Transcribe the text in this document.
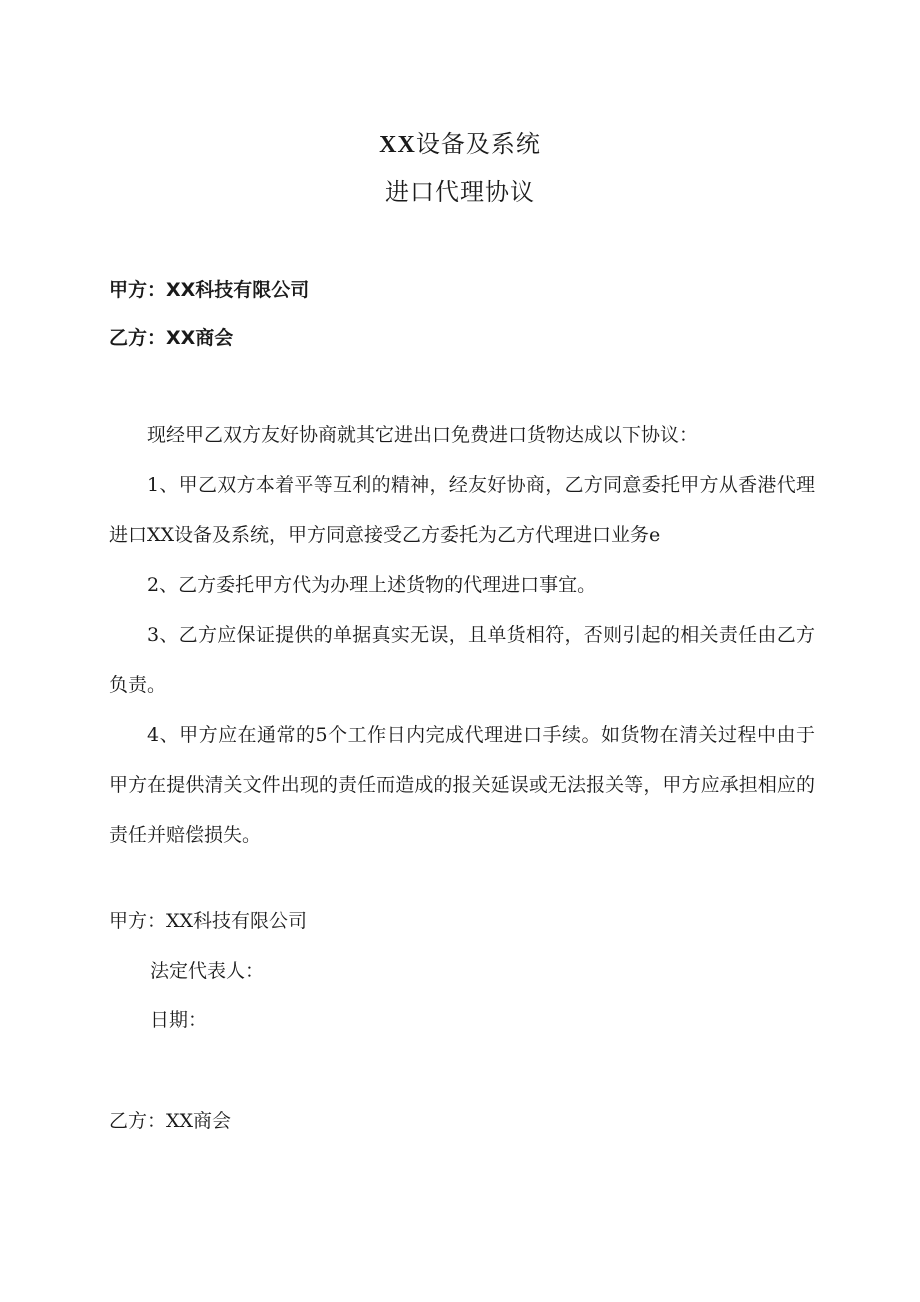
XX设备及系统
进口代理协议
甲方：XX科技有限公司
乙方：XX商会

现经甲乙双方友好协商就其它进出口免费进口货物达成以下协议：

1、甲乙双方本着平等互利的精神，经友好协商，乙方同意委托甲方从香港代理进口XX设备及系统，甲方同意接受乙方委托为乙方代理进口业务e

2、乙方委托甲方代为办理上述货物的代理进口事宜。

3、乙方应保证提供的单据真实无误，且单货相符，否则引起的相关责任由乙方负责。

4、甲方应在通常的5个工作日内完成代理进口手续。如货物在清关过程中由于甲方在提供清关文件出现的责任而造成的报关延误或无法报关等，甲方应承担相应的责任并赔偿损失。

甲方：XX科技有限公司
法定代表人：
日期：
乙方：XX商会
